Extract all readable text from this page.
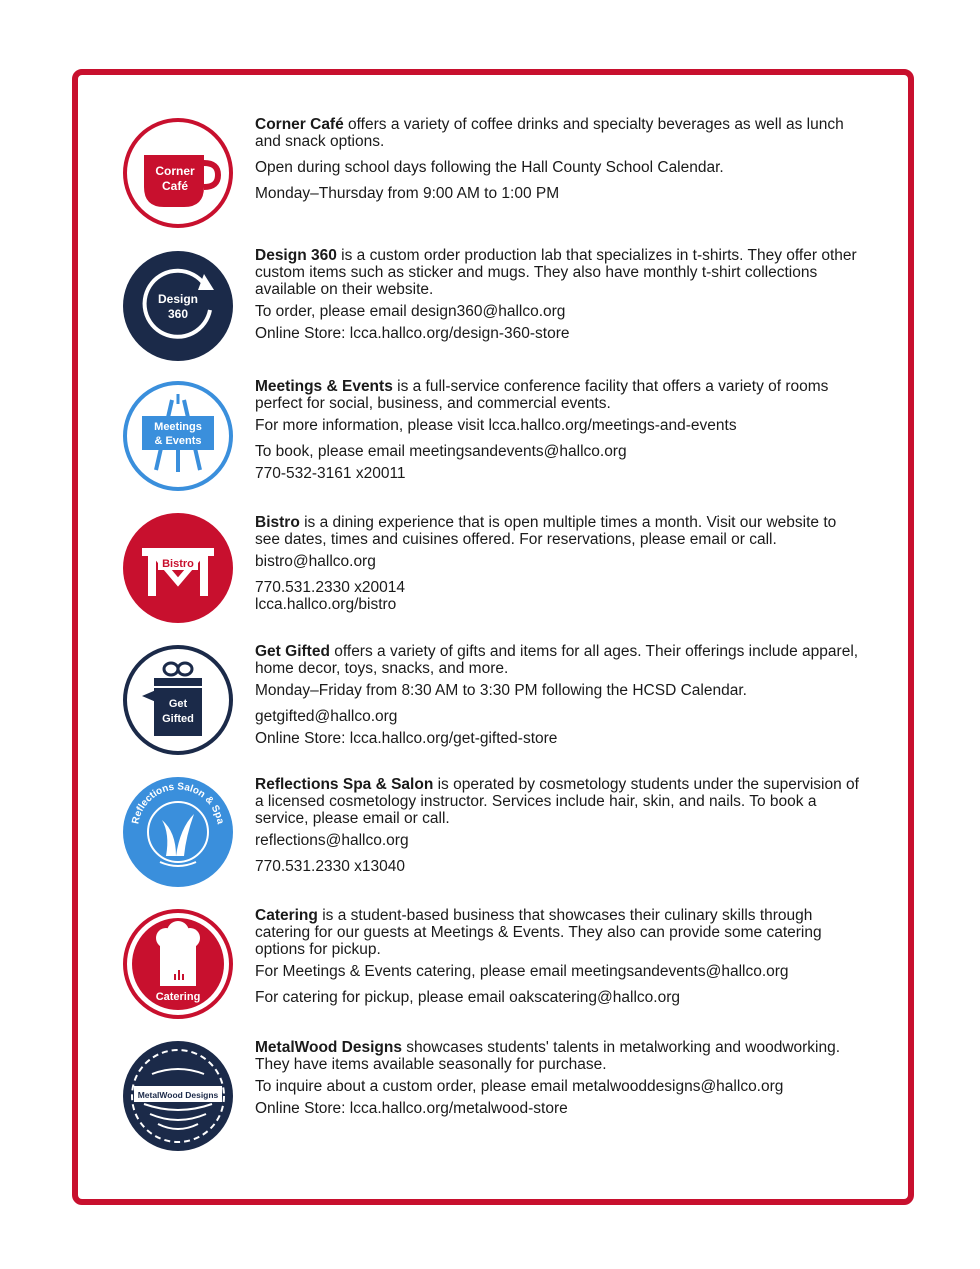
Corner
Café

Corner Café offers a variety of coffee drinks and specialty beverages as well as lunch and snack options.

Open during school days following the Hall County School Calendar.

Monday–Thursday from 9:00 AM to 1:00 PM

Design
360

Design 360 is a custom order production lab that specializes in t-shirts. They offer other custom items such as sticker and mugs. They also have monthly t-shirt collections available on their website.

To order, please email design360@hallco.org

Online Store: lcca.hallco.org/design-360-store

Meetings
& Events

Meetings & Events is a full-service conference facility that offers a variety of rooms perfect for social, business, and commercial events.

For more information, please visit lcca.hallco.org/meetings-and-events

To book, please email meetingsandevents@hallco.org

770-532-3161 x20011

Bistro

Bistro is a dining experience that is open multiple times a month. Visit our website to see dates, times and cuisines offered. For reservations, please email or call.

bistro@hallco.org

770.531.2330 x20014

lcca.hallco.org/bistro

Get
Gifted

Get Gifted offers a variety of gifts and items for all ages. Their offerings include apparel, home decor, toys, snacks, and more.

Monday–Friday from 8:30 AM to 3:30 PM following the HCSD Calendar.

getgifted@hallco.org

Online Store: lcca.hallco.org/get-gifted-store

Reflections Salon & Spa

Reflections Spa & Salon is operated by cosmetology students under the supervision of a licensed cosmetology instructor. Services include hair, skin, and nails. To book a service, please email or call.

reflections@hallco.org

770.531.2330 x13040

Catering

Catering is a student-based business that showcases their culinary skills through catering for our guests at Meetings & Events. They also can provide some catering options for pickup.

For Meetings & Events catering, please email meetingsandevents@hallco.org

For catering for pickup, please email oakscatering@hallco.org

MetalWood Designs

MetalWood Designs showcases students' talents in metalworking and woodworking. They have items available seasonally for purchase.

To inquire about a custom order, please email metalwooddesigns@hallco.org

Online Store: lcca.hallco.org/metalwood-store
